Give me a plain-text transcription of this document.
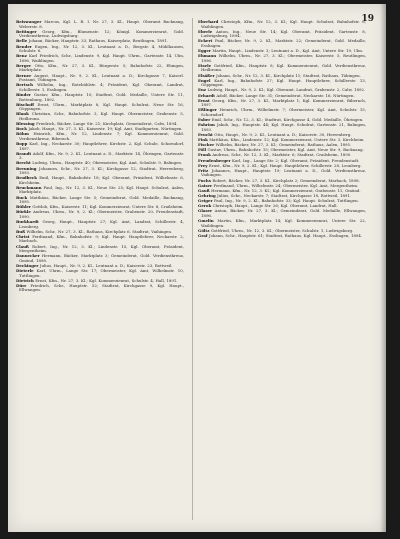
19

Beiswanger Marcus, Kgl. L. R. I. Nr. 27, 3. Kl., Haupt. Oberamt Backnang, Weberstr. 8.

Beitinger Georg, Kfm., Blumenstr. 12; Königl. Kommerzienrat, Gold. Verdienstkreuz, Ludwigsburg.

Belle Johann, Bäcker, Hauptstr. 33, Rathaus, Kaiserplatz, Reutlingen, 1891.

Bender Eugen, Ing., Nr. 12, 3. Kl., Leutnant a. D., Bergstr. 4, Mühlhausen, Schulstr. 6.

Benz Karl Friedrich, Schr., Lindenstr. 9, Kgl. Haupt. Uhrm., Gartenstr. 14, Ulm, 1896, Waiblingen.

Berger Otto, Kfm., Nr. 27, 3. Kl., Bürgerstr. 5; Bahnhofstr. 22, Ehingen, Marktplatz.

Berner August, Haupt., Nr. 9, 2. Kl., Leutnant a. D.; Kirchgasse 7, Kaiserl. Postamt, Tübingen.

Bertsch Wilhelm, Ing., Rotebühlstr. 4; Präsident, Kgl. Oberamt, Landrat, Schillerstr. 1, Esslingen.

Binder Gustav, Kfm., Hauptstr. 10; Stadtrat, Gold. Medaille, Untere Str. 11, Rottenburg, 1892.

Bischoff Ernst, Uhrm., Marktplatz 8, Kgl. Haupt. Schulrat, Neue Str. 16, Göppingen.

Blank Christian, Schr., Bahnhofstr. 3, Kgl. Haupt. Obermeister, Grabenstr. 5, Heilbronn.

Blessing Friedrich, Bäcker, Lange Str. 21; Kirchplatz, Gemeinderat, Calw, 1894.

Bock Jakob, Haupt., Nr. 27, 3. Kl., Kaiserstr. 19; Kgl. Amt, Stadtgarten, Nürtingen.

Böhm Heinrich, Kfm., Nr. 12, Lindenstr. 7; Kgl. Kommerzienrat, Gold. Verdienstkreuz, Biberach.

Bopp Karl, Ing., Neckarstr. 30; Hauptlehrer, Kirchstr. 2, Kgl. Schule, Schorndorf, 1897.

Brandt Adolf, Kfm., Nr. 9, 2. Kl., Leutnant a. D., Marktstr. 14, Öhringen, Gartenstr. 3.

Brecht Ludwig, Uhrm., Hauptstr. 40; Obermeister, Kgl. Amt, Schulstr. 9, Balingen.

Breuning Johannes, Schr., Nr. 27, 3. Kl.; Kirchgasse 12, Stadtrat, Herrenberg, 1893.

Brodbeck Emil, Haupt., Bahnhofstr. 18; Kgl. Oberamt, Präsident, Wilhelmstr. 6, Kirchheim.

Bruckmann Paul, Ing., Nr. 12, 3. Kl., Neue Str. 25; Kgl. Haupt. Schulrat, Aalen, Marktplatz.

Buck Matthäus, Bäcker, Lange Str. 5; Gemeinderat, Gold. Medaille, Backnang, 1895.

Bühler Gottlob, Kfm., Kaiserstr. 11; Kgl. Kommerzienrat, Untere Str. 8, Crailsheim.

Bürkle Andreas, Uhrm., Nr. 9, 2. Kl.; Obermeister, Grabenstr. 20, Freudenstadt, 1890.

Burkhardt Georg, Haupt., Hauptstr. 27; Kgl. Amt, Landrat, Schillerstr. 4, Leonberg.

Buß Wilhelm, Schr., Nr. 27, 3. Kl., Rathaus, Kirchplatz 6, Stadtrat, Vaihingen.

Christ Ferdinand, Kfm., Bahnhofstr. 9; Kgl. Haupt. Hauptlehrer, Neckarstr. 2, Marbach.

Clauß Robert, Ing., Nr. 12, 3. Kl.; Lindenstr. 15, Kgl. Oberamt, Präsident, Mergentheim.

Dannecker Hermann, Bäcker, Marktplatz 3; Gemeinderat, Gold. Verdienstkreuz, Gmünd, 1898.

Deckinger Julius, Haupt., Nr. 9, 2. Kl., Leutnant a. D.; Kaiserstr. 23, Rottweil.

Dieterle Karl, Uhrm., Lange Str. 17; Obermeister, Kgl. Amt, Wilhelmstr. 10, Tuttlingen.

Dietrich Ernst, Kfm., Nr. 27, 3. Kl.; Kgl. Kommerzienrat, Schulstr. 4, Hall, 1891.

Dürr Friedrich, Schr., Hauptstr. 52; Stadtrat, Kirchgasse 9, Kgl. Haupt., Ellwangen.

Eberhard Christoph, Kfm., Nr. 12, 3. Kl.; Kgl. Haupt. Schulrat, Bahnhofstr. 6, Waiblingen.

Eberle Anton, Ing., Neue Str. 14; Kgl. Oberamt, Präsident, Gartenstr. 8, Ludwigsburg, 1894.

Eckert Paul, Bäcker, Nr. 9, 2. Kl., Marktstr. 22; Gemeinderat, Gold. Medaille, Esslingen.

Egger Martin, Haupt., Lindenstr. 3; Leutnant a. D., Kgl. Amt, Untere Str. 19, Ulm.

Ehmann Wilhelm, Uhrm., Nr. 27, 3. Kl.; Obermeister, Kaiserstr. 5, Reutlingen, 1896.

Eisele Gottfried, Kfm., Hauptstr. 8; Kgl. Kommerzienrat, Gold. Verdienstkreuz, Heilbronn.

Elsäßer Johann, Schr., Nr. 12, 3. Kl., Kirchplatz 11; Stadtrat, Rathaus, Tübingen.

Engel Karl, Ing., Bahnhofstr. 27; Kgl. Haupt. Hauptlehrer, Schillerstr. 13, Göppingen.

Enz Ludwig, Haupt., Nr. 9, 2. Kl.; Kgl. Oberamt, Landrat, Grabenstr. 2, Calw, 1892.

Erhardt Adolf, Bäcker, Lange Str. 31; Gemeinderat, Neckarstr. 16, Nürtingen.

Ernst Georg, Kfm., Nr. 27, 3. Kl., Marktplatz 1; Kgl. Kommerzienrat, Biberach, 1897.

Eßlinger Heinrich, Uhrm., Wilhelmstr. 7; Obermeister, Kgl. Amt, Schulstr. 15, Schorndorf.

Faber Emil, Schr., Nr. 12, 3. Kl.; Stadtrat, Kirchgasse 4, Gold. Medaille, Öhringen.

Fahrion Jakob, Ing., Hauptstr. 44; Kgl. Haupt. Schulrat, Gartenstr. 21, Balingen, 1893.

Feucht Otto, Haupt., Nr. 9, 2. Kl., Leutnant a. D.; Kaiserstr. 30, Herrenberg.

Fink Matthäus, Kfm., Lindenstr. 12; Kgl. Kommerzienrat, Untere Str. 3, Kirchheim.

Fischer Wilhelm, Bäcker, Nr. 27, 3. Kl.; Gemeinderat, Rathaus, Aalen, 1895.

Föll Gustav, Uhrm., Bahnhofstr. 15; Obermeister, Kgl. Amt, Neue Str. 9, Backnang.

Frank Andreas, Schr., Nr. 12, 3. Kl., Marktstr. 6; Stadtrat, Crailsheim, 1890.

Freudenberger Karl, Ing., Lange Str. 2; Kgl. Oberamt, Präsident, Freudenstadt.

Frey Ernst, Kfm., Nr. 9, 2. Kl.; Kgl. Haupt. Hauptlehrer, Schillerstr. 28, Leonberg.

Fritz Johannes, Haupt., Hauptstr. 19; Leutnant a. D., Gold. Verdienstkreuz, Vaihingen.

Fuchs Robert, Bäcker, Nr. 27, 3. Kl., Kirchplatz 2; Gemeinderat, Marbach, 1898.

Gaiser Ferdinand, Uhrm., Wilhelmstr. 24; Obermeister, Kgl. Amt, Mergentheim.

Gauß Hermann, Kfm., Nr. 12, 3. Kl.; Kgl. Kommerzienrat, Grabenstr. 11, Gmünd.

Gehring Julius, Schr., Neckarstr. 7; Stadtrat, Kirchgasse 18, Rottweil, 1891.

Geiger Paul, Ing., Nr. 9, 2. Kl., Bahnhofstr. 33; Kgl. Haupt. Schulrat, Tuttlingen.

Gerok Christoph, Haupt., Lange Str. 26; Kgl. Oberamt, Landrat, Hall.

Glaser Anton, Bäcker, Nr. 27, 3. Kl.; Gemeinderat, Gold. Medaille, Ellwangen, 1896.

Gmelin Martin, Kfm., Marktplatz 14; Kgl. Kommerzienrat, Untere Str. 22, Waiblingen.

Göltz Gottfried, Uhrm., Nr. 12, 3. Kl.; Obermeister, Schulstr. 1, Ludwigsburg.

Graf Johann, Schr., Hauptstr. 61; Stadtrat, Rathaus, Kgl. Haupt., Esslingen, 1894.
